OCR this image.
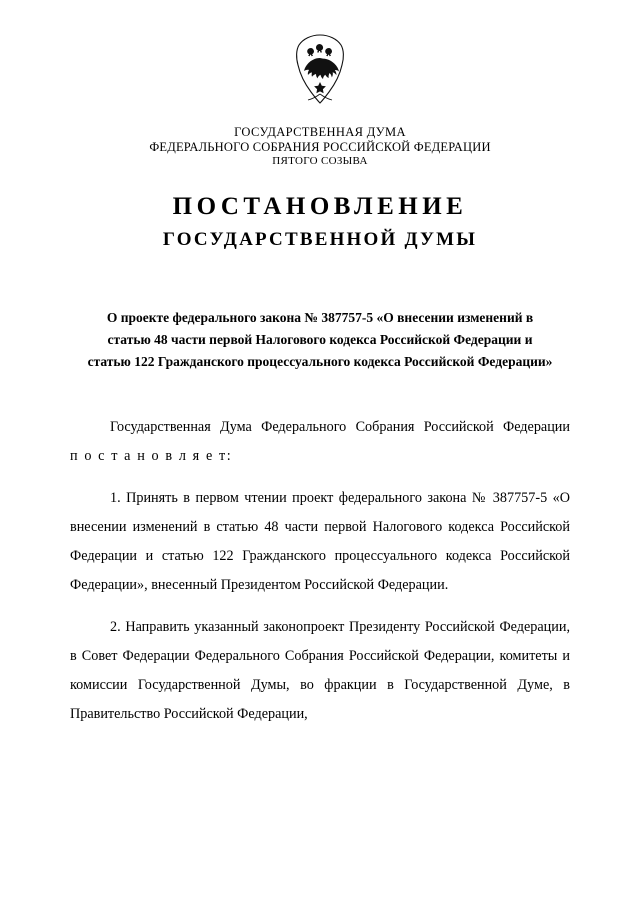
ГОСУДАРСТВЕННАЯ ДУМА
ФЕДЕРАЛЬНОГО СОБРАНИЯ РОССИЙСКОЙ ФЕДЕРАЦИИ
ПЯТОГО СОЗЫВА
ПОСТАНОВЛЕНИЕ
ГОСУДАРСТВЕННОЙ ДУМЫ
О проекте федерального закона № 387757-5 «О внесении изменений в статью 48 части первой Налогового кодекса Российской Федерации и статью 122 Гражданского процессуального кодекса Российской Федерации»

Государственная Дума Федерального Собрания Российской Федерации п о с т а н о в л я е т:

1. Принять в первом чтении проект федерального закона № 387757-5 «О внесении изменений в статью 48 части первой Налогового кодекса Российской Федерации и статью 122 Гражданского процессуального кодекса Российской Федерации», внесенный Президентом Российской Федерации.

2. Направить указанный законопроект Президенту Российской Федерации, в Совет Федерации Федерального Собрания Российской Федерации, комитеты и комиссии Государственной Думы, во фракции в Государственной Думе, в Правительство Российской Федерации,
